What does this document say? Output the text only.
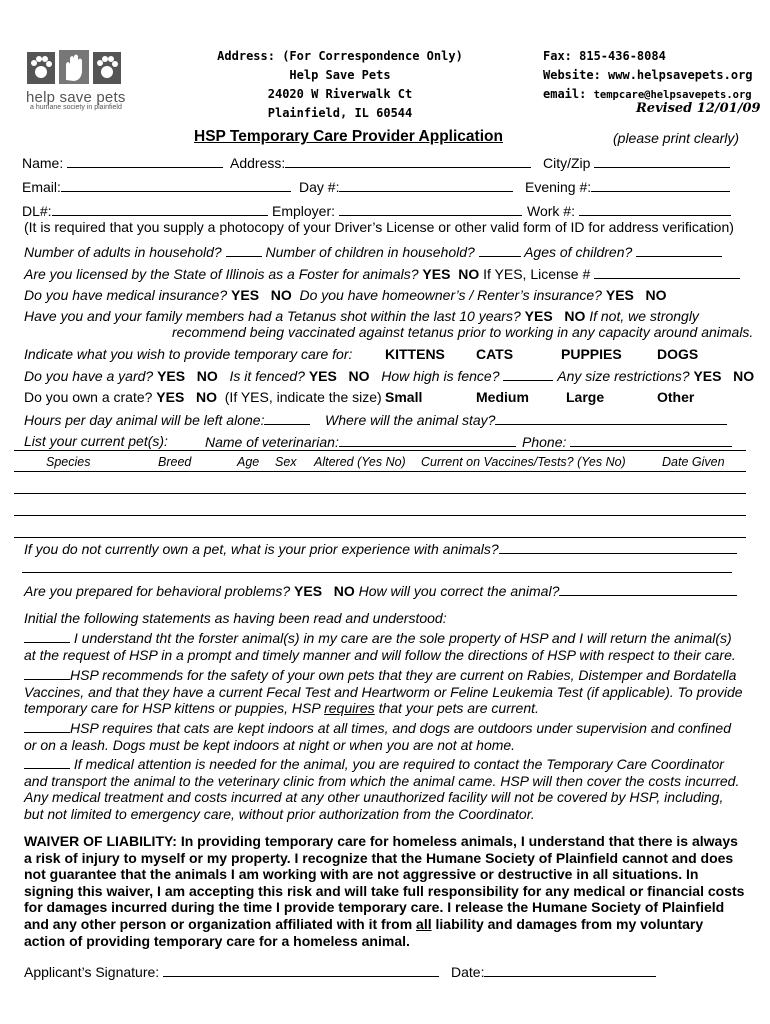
help save pets
a humane society in plainfield
Address: (For Correspondence Only)
Help Save Pets
24020 W Riverwalk Ct
Plainfield, IL 60544
Fax: 815-436-8084
Website: www.helpsavepets.org
email: tempcare@helpsavepets.org
Revised 12/01/09
HSP Temporary Care Provider Application	(please print clearly)
Name:	Address:	City/Zip
Email:	Day #:	Evening #:
DL#:	Employer:	Work #:
(It is required that you supply a photocopy of your Driver’s License or other valid form of ID for address verification)
Number of adults in household?	Number of children in household?	Ages of children?
Are you licensed by the State of Illinois as a Foster for animals? YES NO If YES, License #
Do you have medical insurance? YES NO Do you have homeowner’s / Renter’s insurance? YES NO
Have you and your family members had a Tetanus shot within the last 10 years? YES NO If not, we strongly
recommend being vaccinated against tetanus prior to working in any capacity around animals.
Indicate what you wish to provide temporary care for: KITTENS CATS	PUPPIES	DOGS
Do you have a yard? YES NO Is it fenced? YES NO How high is fence?	Any size restrictions? YES NO
Do you own a crate? YES NO (If YES, indicate the size) Small	Medium	Large	Other
Hours per day animal will be left alone:	Where will the animal stay?
List your current pet(s):	Name of veterinarian:	Phone:
Species	Breed	Age Sex Altered (Yes No) Current on Vaccines/Tests? (Yes No)	Date Given
If you do not currently own a pet, what is your prior experience with animals?
Are you prepared for behavioral problems? YES NO How will you correct the animal?
Initial the following statements as having been read and understood:
I understand tht the forster animal(s) in my care are the sole property of HSP and I will return the animal(s) at the request of HSP in a prompt and timely manner and will follow the directions of HSP with respect to their care.
HSP recommends for the safety of your own pets that they are current on Rabies, Distemper and Bordatella Vaccines, and that they have a current Fecal Test and Heartworm or Feline Leukemia Test (if applicable). To provide temporary care for HSP kittens or puppies, HSP requires that your pets are current.
HSP requires that cats are kept indoors at all times, and dogs are outdoors under supervision and confined or on a leash. Dogs must be kept indoors at night or when you are not at home.
If medical attention is needed for the animal, you are required to contact the Temporary Care Coordinator and transport the animal to the veterinary clinic from which the animal came. HSP will then cover the costs incurred. Any medical treatment and costs incurred at any other unauthorized facility will not be covered by HSP, including, but not limited to emergency care, without prior authorization from the Coordinator.
WAIVER OF LIABILITY: In providing temporary care for homeless animals, I understand that there is always a risk of injury to myself or my property. I recognize that the Humane Society of Plainfield cannot and does not guarantee that the animals I am working with are not aggressive or destructive in all situations. In signing this waiver, I am accepting this risk and will take full responsibility for any medical or financial costs for damages incurred during the time I provide temporary care. I release the Humane Society of Plainfield and any other person or organization affiliated with it from all liability and damages from my voluntary action of providing temporary care for a homeless animal.
Applicant’s Signature:	Date:
